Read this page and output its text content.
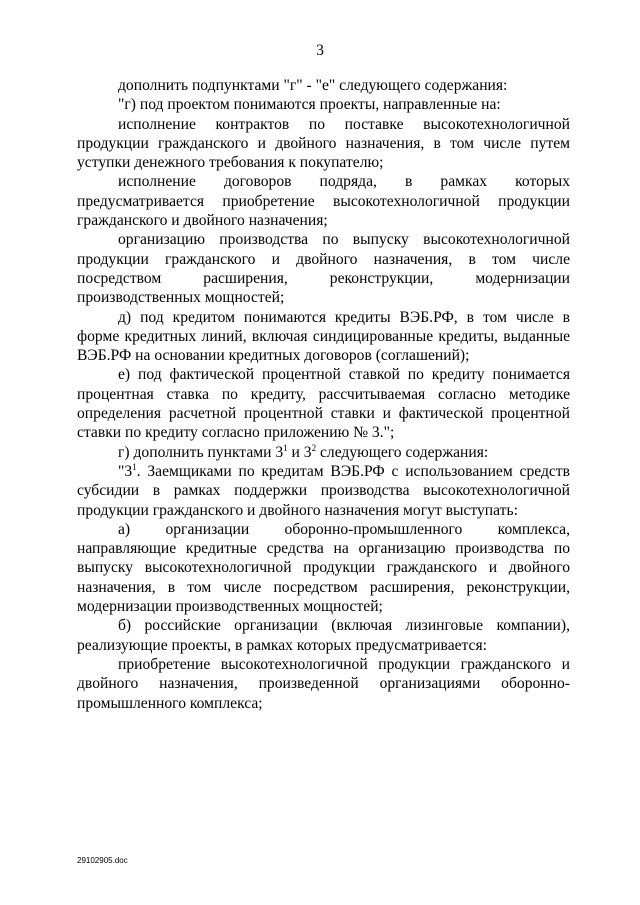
3

дополнить подпунктами "г" - "е" следующего содержания:

"г) под проектом понимаются проекты, направленные на:

исполнение контрактов по поставке высокотехнологичной продукции гражданского и двойного назначения, в том числе путем уступки денежного требования к покупателю;

исполнение договоров подряда, в рамках которых предусматривается приобретение высокотехнологичной продукции гражданского и двойного назначения;

организацию производства по выпуску высокотехнологичной продукции гражданского и двойного назначения, в том числе посредством расширения, реконструкции, модернизации производственных мощностей;

д) под кредитом понимаются кредиты ВЭБ.РФ, в том числе в форме кредитных линий, включая синдицированные кредиты, выданные ВЭБ.РФ на основании кредитных договоров (соглашений);

е) под фактической процентной ставкой по кредиту понимается процентная ставка по кредиту, рассчитываемая согласно методике определения расчетной процентной ставки и фактической процентной ставки по кредиту согласно приложению № 3.";

г) дополнить пунктами $3^1$ и $3^2$ следующего содержания:

"$3^1$. Заемщиками по кредитам ВЭБ.РФ с использованием средств субсидии в рамках поддержки производства высокотехнологичной продукции гражданского и двойного назначения могут выступать:

а) организации оборонно-промышленного комплекса, направляющие кредитные средства на организацию производства по выпуску высокотехнологичной продукции гражданского и двойного назначения, в том числе посредством расширения, реконструкции, модернизации производственных мощностей;

б) российские организации (включая лизинговые компании), реализующие проекты, в рамках которых предусматривается:

приобретение высокотехнологичной продукции гражданского и двойного назначения, произведенной организациями оборонно-промышленного комплекса;

29102905.doc
